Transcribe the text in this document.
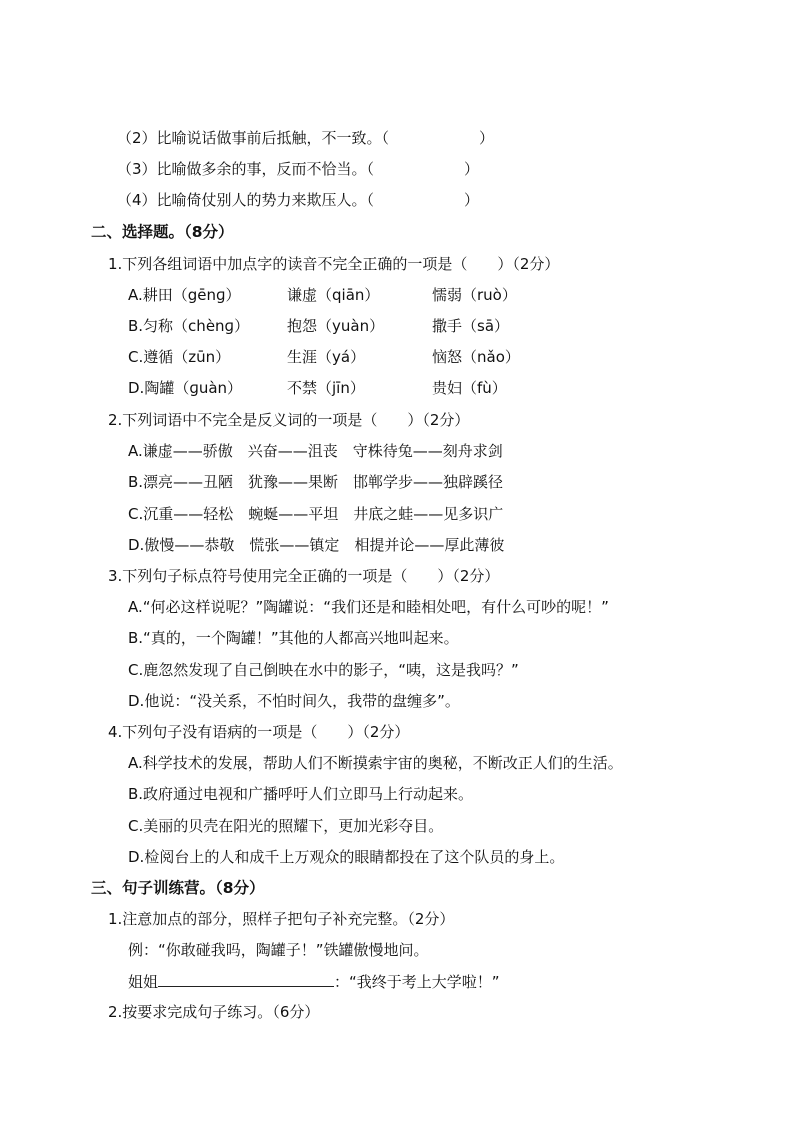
（2）比喻说话做事前后抵触，不一致。（　　　　　　）
（3）比喻做多余的事，反而不恰当。（　　　　　　）
（4）比喻倚仗别人的势力来欺压人。（　　　　　　）
二、选择题。（8分）
1.下列各组词语中加点字的读音不完全正确的一项是（　　）（2分）
A.耕田（gēnɡ）	谦虚（qiān）	懦弱（ruò）
B.匀称（chènɡ）	抱怨（yuàn）	撒手（sā）
C.遵循（zūn）	生涯（yá）	恼怒（nǎo）
D.陶罐（ɡuàn）	不禁（jīn）	贵妇（fù）
2.下列词语中不完全是反义词的一项是（　　）（2分）
A.谦虚——骄傲　兴奋——沮丧　守株待兔——刻舟求剑
B.漂亮——丑陋　犹豫——果断　邯郸学步——独辟蹊径
C.沉重——轻松　蜿蜒——平坦　井底之蛙——见多识广
D.傲慢——恭敬　慌张——镇定　相提并论——厚此薄彼
3.下列句子标点符号使用完全正确的一项是（　　）（2分）
A.“何必这样说呢？”陶罐说：“我们还是和睦相处吧，有什么可吵的呢！”
B.“真的，一个陶罐！”其他的人都高兴地叫起来。
C.鹿忽然发现了自己倒映在水中的影子，“咦，这是我吗？”
D.他说：“没关系，不怕时间久，我带的盘缠多”。
4.下列句子没有语病的一项是（　　）（2分）
A.科学技术的发展，帮助人们不断摸索宇宙的奥秘，不断改正人们的生活。
B.政府通过电视和广播呼吁人们立即马上行动起来。
C.美丽的贝壳在阳光的照耀下，更加光彩夺目。
D.检阅台上的人和成千上万观众的眼睛都投在了这个队员的身上。
三、句子训练营。（8分）
1.注意加点的部分，照样子把句子补充完整。（2分）
例：“你敢碰我吗，陶罐子！”铁罐傲慢地问。
姐姐	：“我终于考上大学啦！”
2.按要求完成句子练习。（6分）
